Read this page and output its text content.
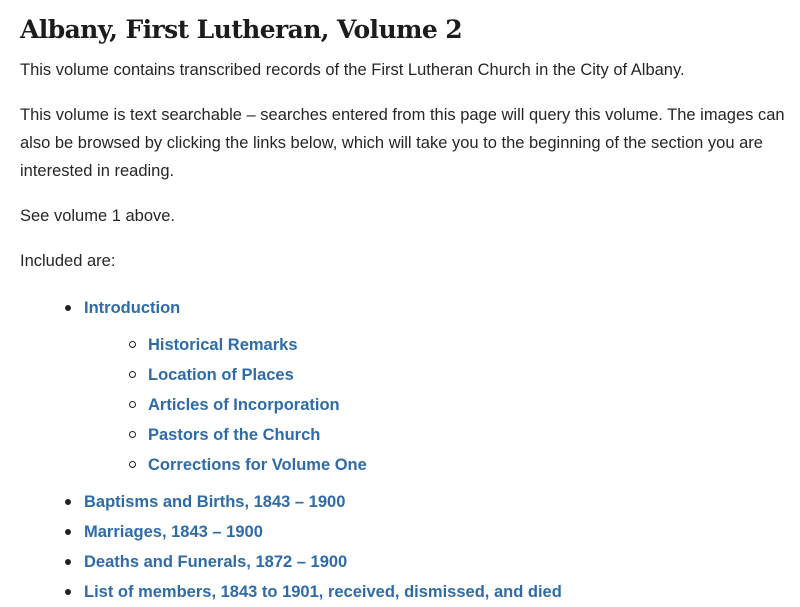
Albany, First Lutheran, Volume 2

This volume contains transcribed records of the First Lutheran Church in the City of Albany.

This volume is text searchable – searches entered from this page will query this volume. The images can also be browsed by clicking the links below, which will take you to the beginning of the section you are interested in reading.

See volume 1 above.

Included are:

Introduction
Historical Remarks
Location of Places
Articles of Incorporation
Pastors of the Church
Corrections for Volume One
Baptisms and Births, 1843 – 1900
Marriages, 1843 – 1900
Deaths and Funerals, 1872 – 1900
List of members, 1843 to 1901, received, dismissed, and died
